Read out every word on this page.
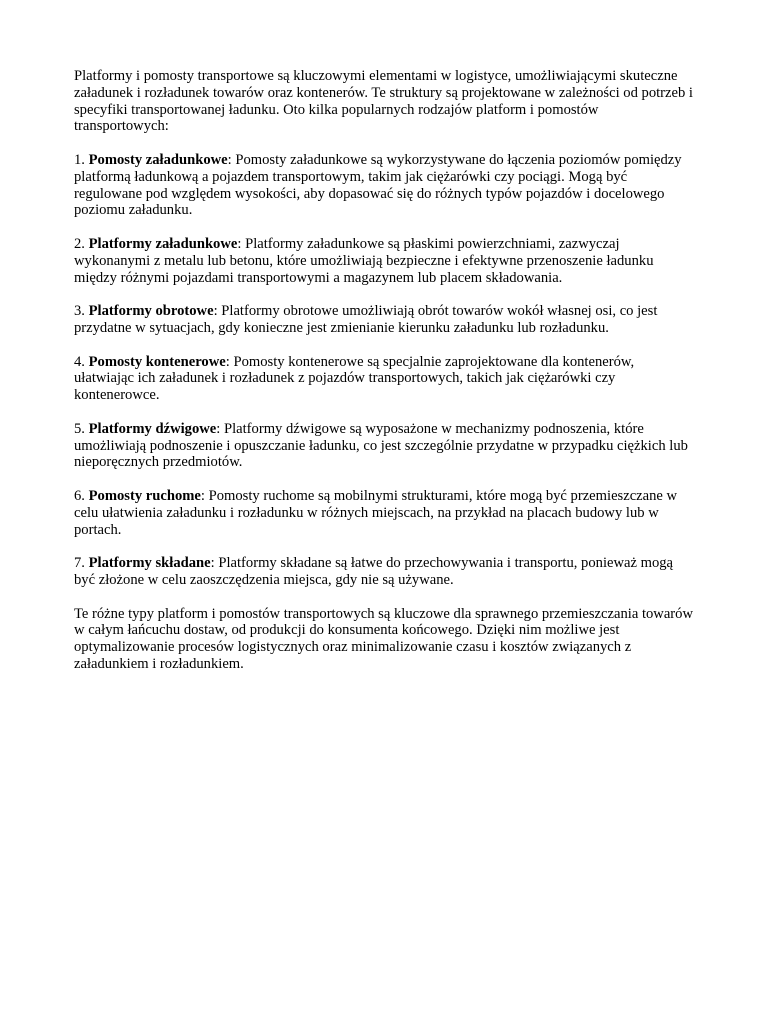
Platformy i pomosty transportowe są kluczowymi elementami w logistyce, umożliwiającymi skuteczne załadunek i rozładunek towarów oraz kontenerów. Te struktury są projektowane w zależności od potrzeb i specyfiki transportowanej ładunku. Oto kilka popularnych rodzajów platform i pomostów transportowych:

1. Pomosty załadunkowe: Pomosty załadunkowe są wykorzystywane do łączenia poziomów pomiędzy platformą ładunkową a pojazdem transportowym, takim jak ciężarówki czy pociągi. Mogą być regulowane pod względem wysokości, aby dopasować się do różnych typów pojazdów i docelowego poziomu załadunku.

2. Platformy załadunkowe: Platformy załadunkowe są płaskimi powierzchniami, zazwyczaj wykonanymi z metalu lub betonu, które umożliwiają bezpieczne i efektywne przenoszenie ładunku między różnymi pojazdami transportowymi a magazynem lub placem składowania.

3. Platformy obrotowe: Platformy obrotowe umożliwiają obrót towarów wokół własnej osi, co jest przydatne w sytuacjach, gdy konieczne jest zmienianie kierunku załadunku lub rozładunku.

4. Pomosty kontenerowe: Pomosty kontenerowe są specjalnie zaprojektowane dla kontenerów, ułatwiając ich załadunek i rozładunek z pojazdów transportowych, takich jak ciężarówki czy kontenerowce.

5. Platformy dźwigowe: Platformy dźwigowe są wyposażone w mechanizmy podnoszenia, które umożliwiają podnoszenie i opuszczanie ładunku, co jest szczególnie przydatne w przypadku ciężkich lub nieporęcznych przedmiotów.

6. Pomosty ruchome: Pomosty ruchome są mobilnymi strukturami, które mogą być przemieszczane w celu ułatwienia załadunku i rozładunku w różnych miejscach, na przykład na placach budowy lub w portach.

7. Platformy składane: Platformy składane są łatwe do przechowywania i transportu, ponieważ mogą być złożone w celu zaoszczędzenia miejsca, gdy nie są używane.

Te różne typy platform i pomostów transportowych są kluczowe dla sprawnego przemieszczania towarów w całym łańcuchu dostaw, od produkcji do konsumenta końcowego. Dzięki nim możliwe jest optymalizowanie procesów logistycznych oraz minimalizowanie czasu i kosztów związanych z załadunkiem i rozładunkiem.
